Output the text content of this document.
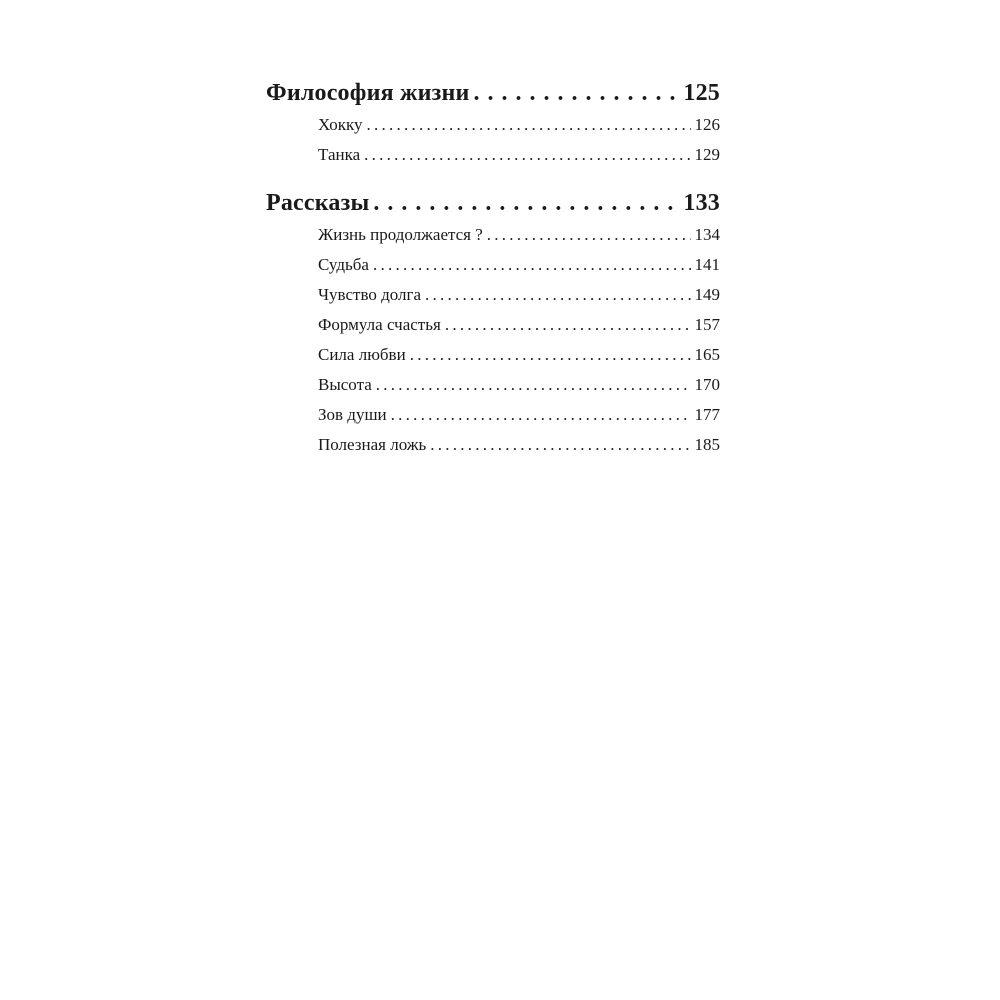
Философия жизни . . .	125
Хокку . . .	126
Танка . . .	129
Рассказы . . .	133
Жизнь продолжается ? . . .	134
Судьба . . .	141
Чувство долга . . .	149
Формула счастья . . .	157
Сила любви . . .	165
Высота . . .	170
Зов души . . .	177
Полезная ложь . . .	185
